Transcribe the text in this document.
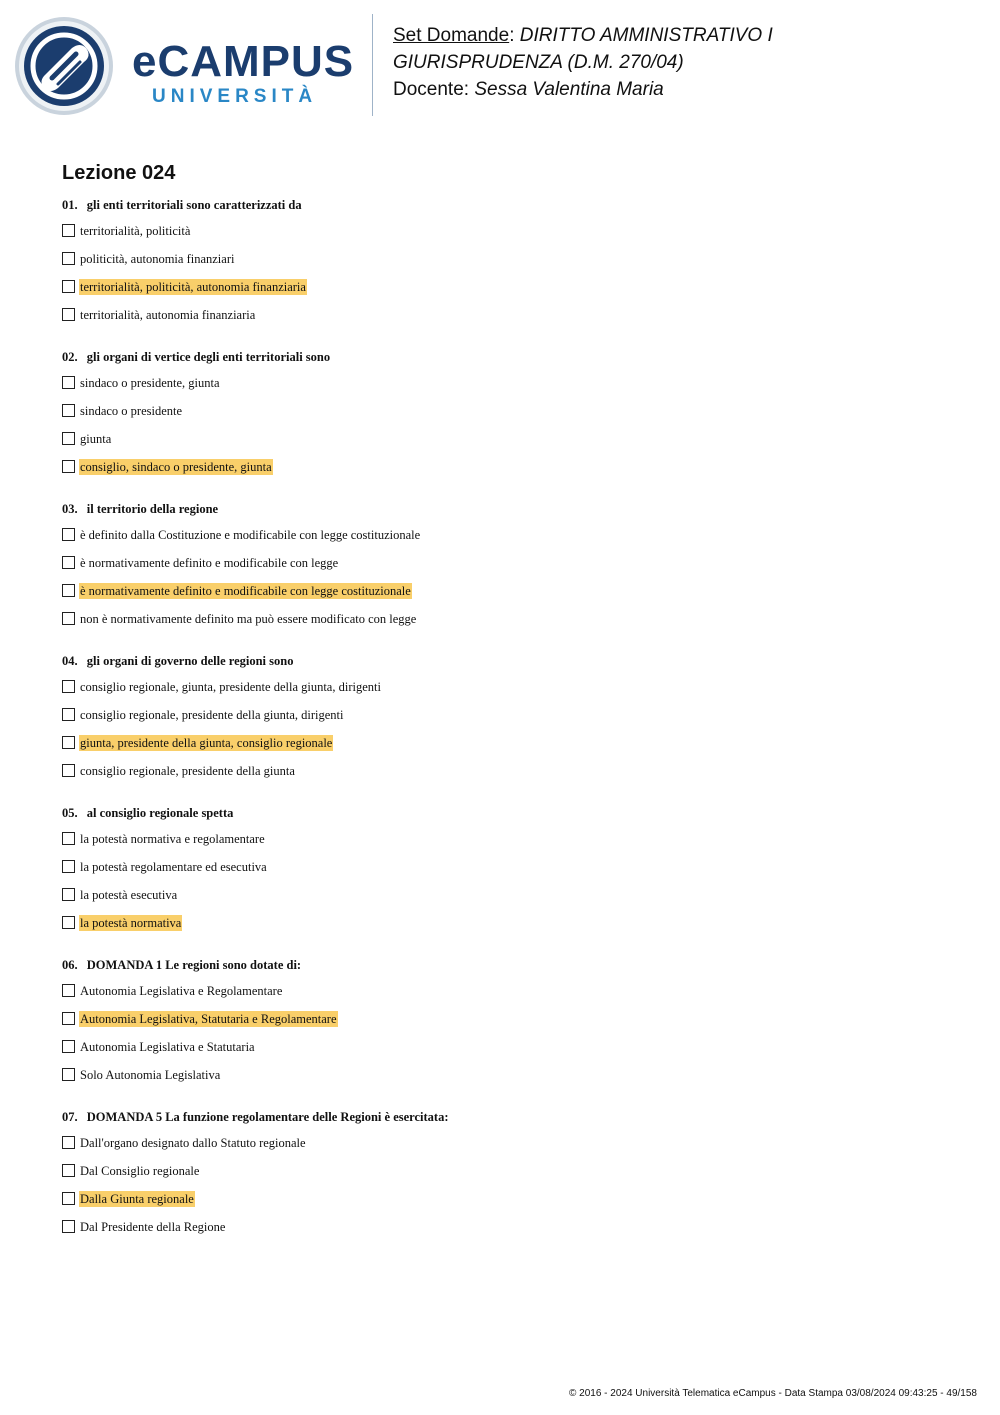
eCAMPUS
UNIVERSITÀ
Set Domande: DIRITTO AMMINISTRATIVO I
GIURISPRUDENZA (D.M. 270/04)
Docente: Sessa Valentina Maria
Lezione 024
01. gli enti territoriali sono caratterizzati da
territorialità, politicità
politicità, autonomia finanziari
territorialità, politicità, autonomia finanziaria
territorialità, autonomia finanziaria
02. gli organi di vertice degli enti territoriali sono
sindaco o presidente, giunta
sindaco o presidente
giunta
consiglio, sindaco o presidente, giunta
03. il territorio della regione
è definito dalla Costituzione e modificabile con legge costituzionale
è normativamente definito e modificabile con legge
è normativamente definito e modificabile con legge costituzionale
non è normativamente definito ma può essere modificato con legge
04. gli organi di governo delle regioni sono
consiglio regionale, giunta, presidente della giunta, dirigenti
consiglio regionale, presidente della giunta, dirigenti
giunta, presidente della giunta, consiglio regionale
consiglio regionale, presidente della giunta
05. al consiglio regionale spetta
la potestà normativa e regolamentare
la potestà regolamentare ed esecutiva
la potestà esecutiva
la potestà normativa
06. DOMANDA 1 Le regioni sono dotate di:
Autonomia Legislativa e Regolamentare
Autonomia Legislativa, Statutaria e Regolamentare
Autonomia Legislativa e Statutaria
Solo Autonomia Legislativa
07. DOMANDA 5 La funzione regolamentare delle Regioni è esercitata:
Dall'organo designato dallo Statuto regionale
Dal Consiglio regionale
Dalla Giunta regionale
Dal Presidente della Regione
© 2016 - 2024 Università Telematica eCampus - Data Stampa 03/08/2024 09:43:25 - 49/158
